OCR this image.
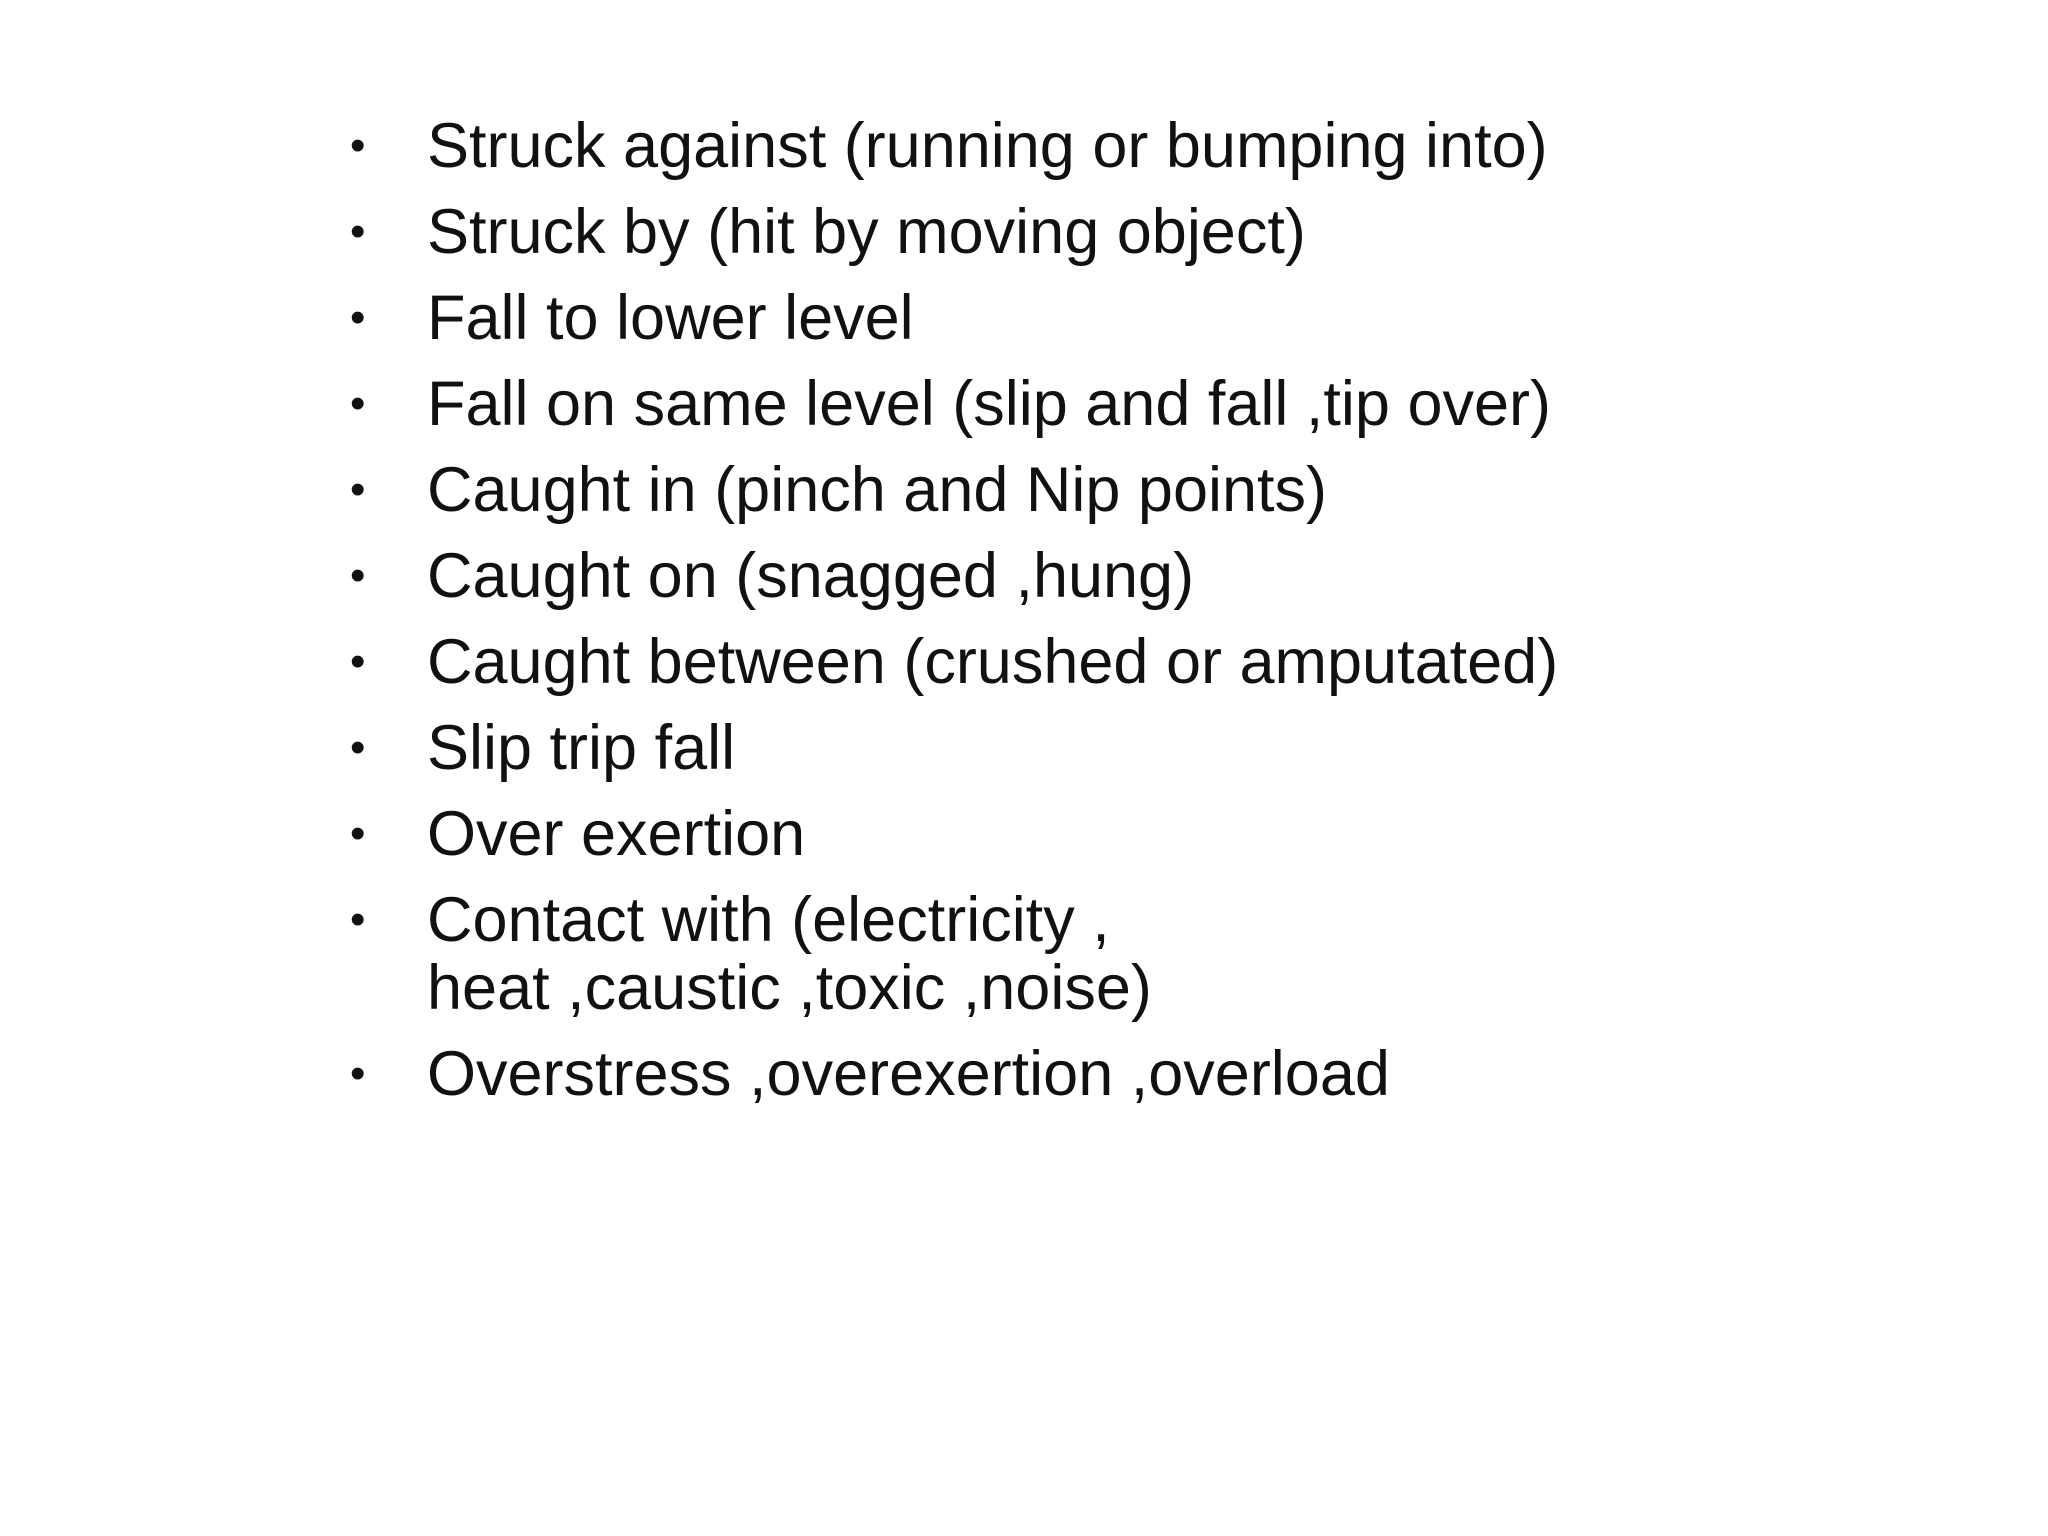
• Struck against (running or bumping into)
• Struck by (hit by moving object)
• Fall to lower level
• Fall on same level (slip and fall ,tip over)
• Caught in (pinch and Nip points)
• Caught on (snagged ,hung)
• Caught between (crushed or amputated)
• Slip trip fall
• Over exertion
• Contact with (electricity ,
heat ,caustic ,toxic ,noise)
• Overstress ,overexertion ,overload
